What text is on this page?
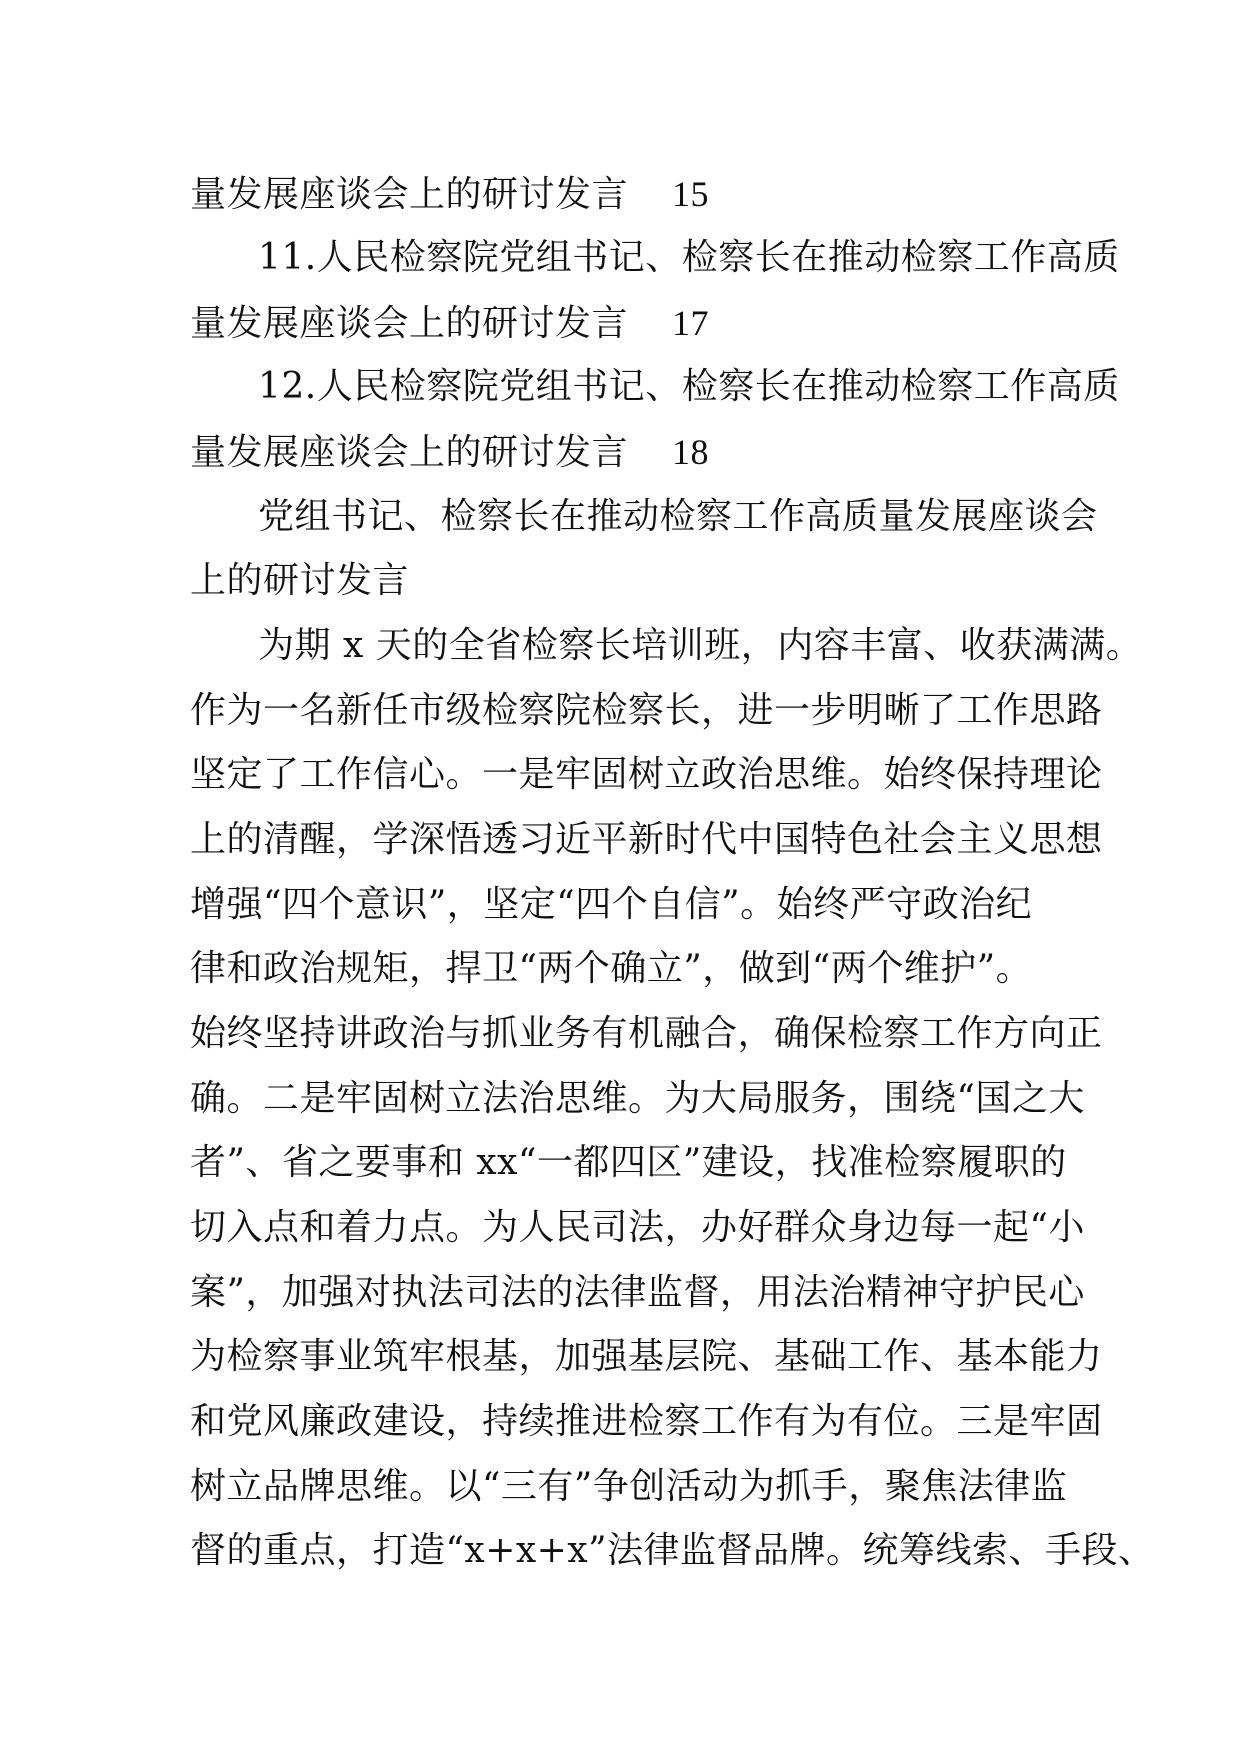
量发展座谈会上的研讨发言 15
11.人民检察院党组书记、检察长在推动检察工作高质
量发展座谈会上的研讨发言 17
12.人民检察院党组书记、检察长在推动检察工作高质
量发展座谈会上的研讨发言 18
党组书记、检察长在推动检察工作高质量发展座谈会
上的研讨发言
为期 x 天的全省检察长培训班，内容丰富、收获满满。
作为一名新任市级检察院检察长，进一步明晰了工作思路
坚定了工作信心。一是牢固树立政治思维。始终保持理论
上的清醒，学深悟透习近平新时代中国特色社会主义思想
增强“四个意识”，坚定“四个自信”。始终严守政治纪
律和政治规矩，捍卫“两个确立”，做到“两个维护”。
始终坚持讲政治与抓业务有机融合，确保检察工作方向正
确。二是牢固树立法治思维。为大局服务，围绕“国之大
者”、省之要事和 xx“一都四区”建设，找准检察履职的
切入点和着力点。为人民司法，办好群众身边每一起“小
案”，加强对执法司法的法律监督，用法治精神守护民心
为检察事业筑牢根基，加强基层院、基础工作、基本能力
和党风廉政建设，持续推进检察工作有为有位。三是牢固
树立品牌思维。以“三有”争创活动为抓手，聚焦法律监
督的重点，打造“x+x+x”法律监督品牌。统筹线索、手段、
